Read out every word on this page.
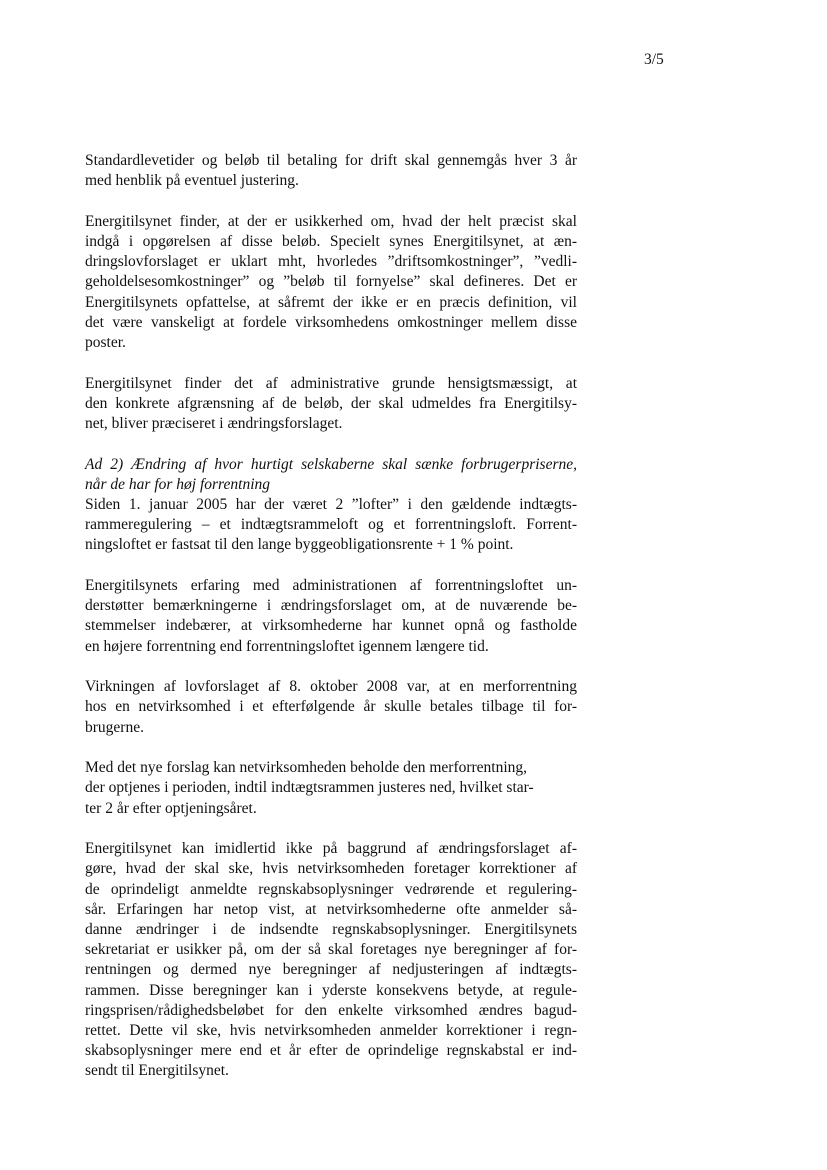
3/5
Standardlevetider og beløb til betaling for drift skal gennemgås hver 3 år
med henblik på eventuel justering.
Energitilsynet finder, at der er usikkerhed om, hvad der helt præcist skal
indgå i opgørelsen af disse beløb. Specielt synes Energitilsynet, at æn-
dringslovforslaget er uklart mht, hvorledes ”driftsomkostninger”, ”vedli-
geholdelsesomkostninger” og ”beløb til fornyelse” skal defineres. Det er
Energitilsynets opfattelse, at såfremt der ikke er en præcis definition, vil
det være vanskeligt at fordele virksomhedens omkostninger mellem disse
poster.
Energitilsynet finder det af administrative grunde hensigtsmæssigt, at
den konkrete afgrænsning af de beløb, der skal udmeldes fra Energitilsy-
net, bliver præciseret i ændringsforslaget.
Ad 2) Ændring af hvor hurtigt selskaberne skal sænke forbrugerpriserne,
når de har for høj forrentning
Siden 1. januar 2005 har der været 2 ”lofter” i den gældende indtægts-
rammeregulering – et indtægtsrammeloft og et forrentningsloft. Forrent-
ningsloftet er fastsat til den lange byggeobligationsrente + 1 % point.
Energitilsynets erfaring med administrationen af forrentningsloftet un-
derstøtter bemærkningerne i ændringsforslaget om, at de nuværende be-
stemmelser indebærer, at virksomhederne har kunnet opnå og fastholde
en højere forrentning end forrentningsloftet igennem længere tid.
Virkningen af lovforslaget af 8. oktober 2008 var, at en merforrentning
hos en netvirksomhed i et efterfølgende år skulle betales tilbage til for-
brugerne.
Med det nye forslag kan netvirksomheden beholde den merforrentning,
der optjenes i perioden, indtil indtægtsrammen justeres ned, hvilket star-
ter 2 år efter optjeningsåret.
Energitilsynet kan imidlertid ikke på baggrund af ændringsforslaget af-
gøre, hvad der skal ske, hvis netvirksomheden foretager korrektioner af
de oprindeligt anmeldte regnskabsoplysninger vedrørende et regulering-
sår. Erfaringen har netop vist, at netvirksomhederne ofte anmelder så-
danne ændringer i de indsendte regnskabsoplysninger. Energitilsynets
sekretariat er usikker på, om der så skal foretages nye beregninger af for-
rentningen og dermed nye beregninger af nedjusteringen af indtægts-
rammen. Disse beregninger kan i yderste konsekvens betyde, at regule-
ringsprisen/rådighedsbeløbet for den enkelte virksomhed ændres bagud-
rettet. Dette vil ske, hvis netvirksomheden anmelder korrektioner i regn-
skabsoplysninger mere end et år efter de oprindelige regnskabstal er ind-
sendt til Energitilsynet.
